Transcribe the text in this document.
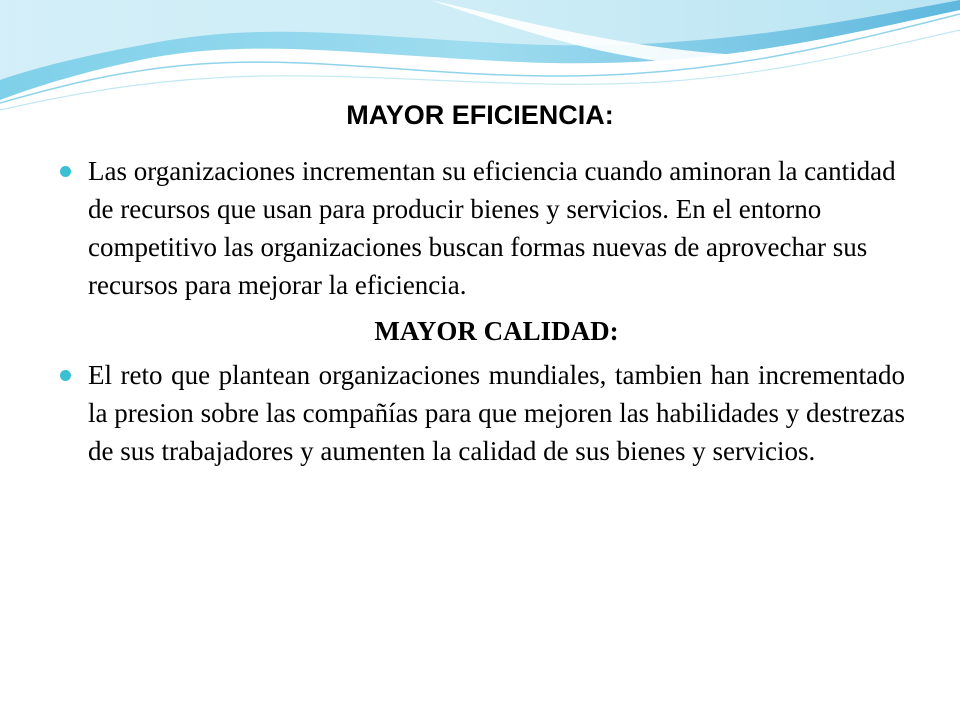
MAYOR EFICIENCIA:

Las organizaciones incrementan su eficiencia cuando aminoran la cantidad de recursos que usan para producir bienes y servicios. En el entorno competitivo las organizaciones buscan formas nuevas de aprovechar sus recursos para mejorar la eficiencia.

MAYOR CALIDAD:

El reto que plantean organizaciones mundiales, tambien han incrementado la presion sobre las compañías para que mejoren las habilidades y destrezas de sus trabajadores y aumenten la calidad de sus bienes y servicios.
